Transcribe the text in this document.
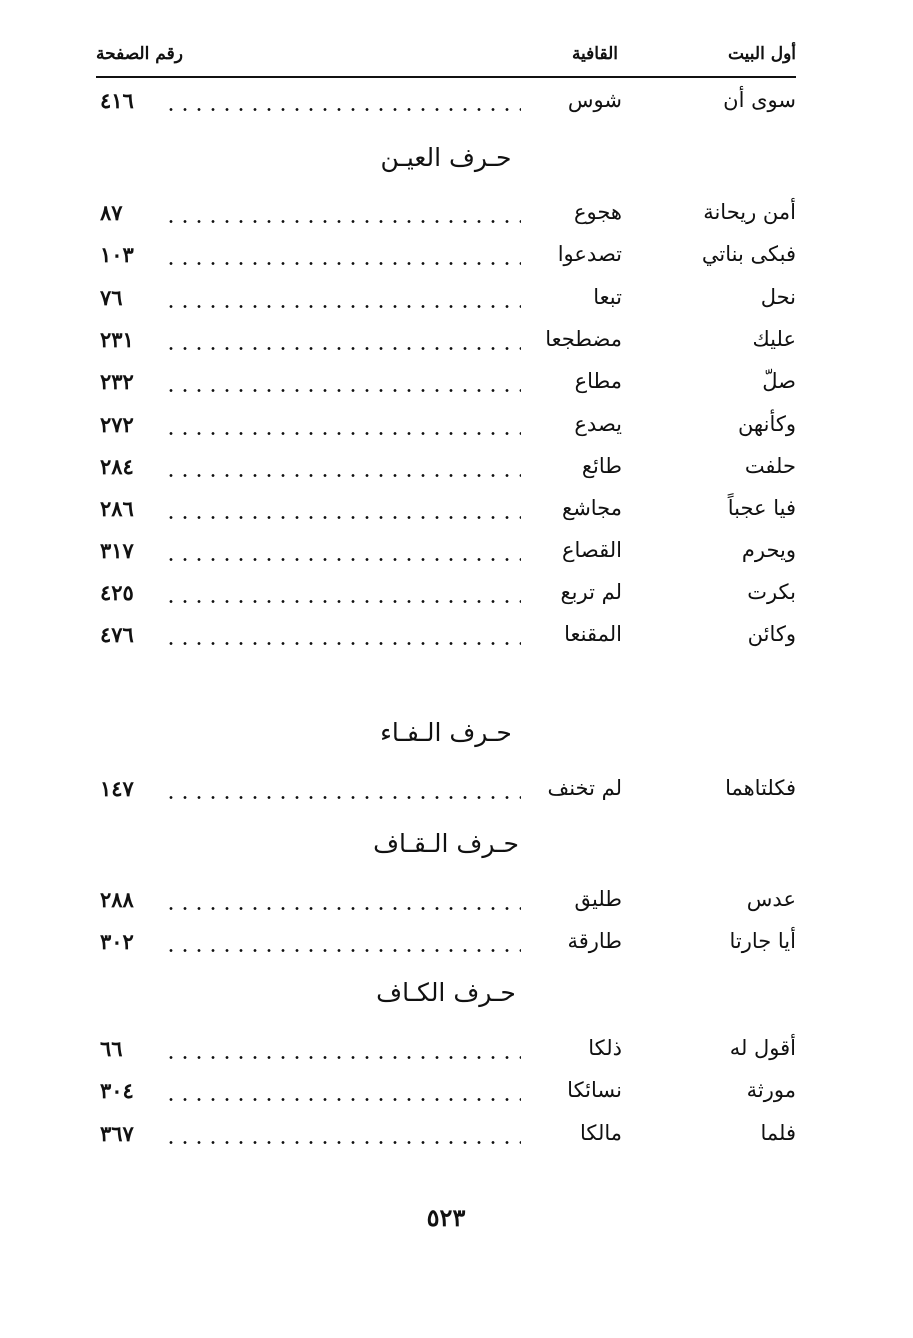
أول البيت
القافية
رقم الصفحة
سوى أن
شوس
٤١٦
حـرف العيـن
أمن ريحانة
هجوع
٨٧
فبكى بناتي
تصدعوا
١٠٣
نحل
تبعا
٧٦
عليك
مضطجعا
٢٣١
صلّ
مطاع
٢٣٢
وكأنهن
يصدع
٢٧٢
حلفت
طائع
٢٨٤
فيا عجباً
مجاشع
٢٨٦
ويحرم
القصاع
٣١٧
بكرت
لم تربع
٤٢٥
وكائن
المقنعا
٤٧٦
حـرف الـفـاء
فكلتاهما
لم تخنف
١٤٧
حـرف الـقـاف
عدس
طليق
٢٨٨
أيا جارتا
طارقة
٣٠٢
حـرف الكـاف
أقول له
ذلكا
٦٦
مورثة
نسائكا
٣٠٤
فلما
مالكا
٣٦٧
٥٢٣
